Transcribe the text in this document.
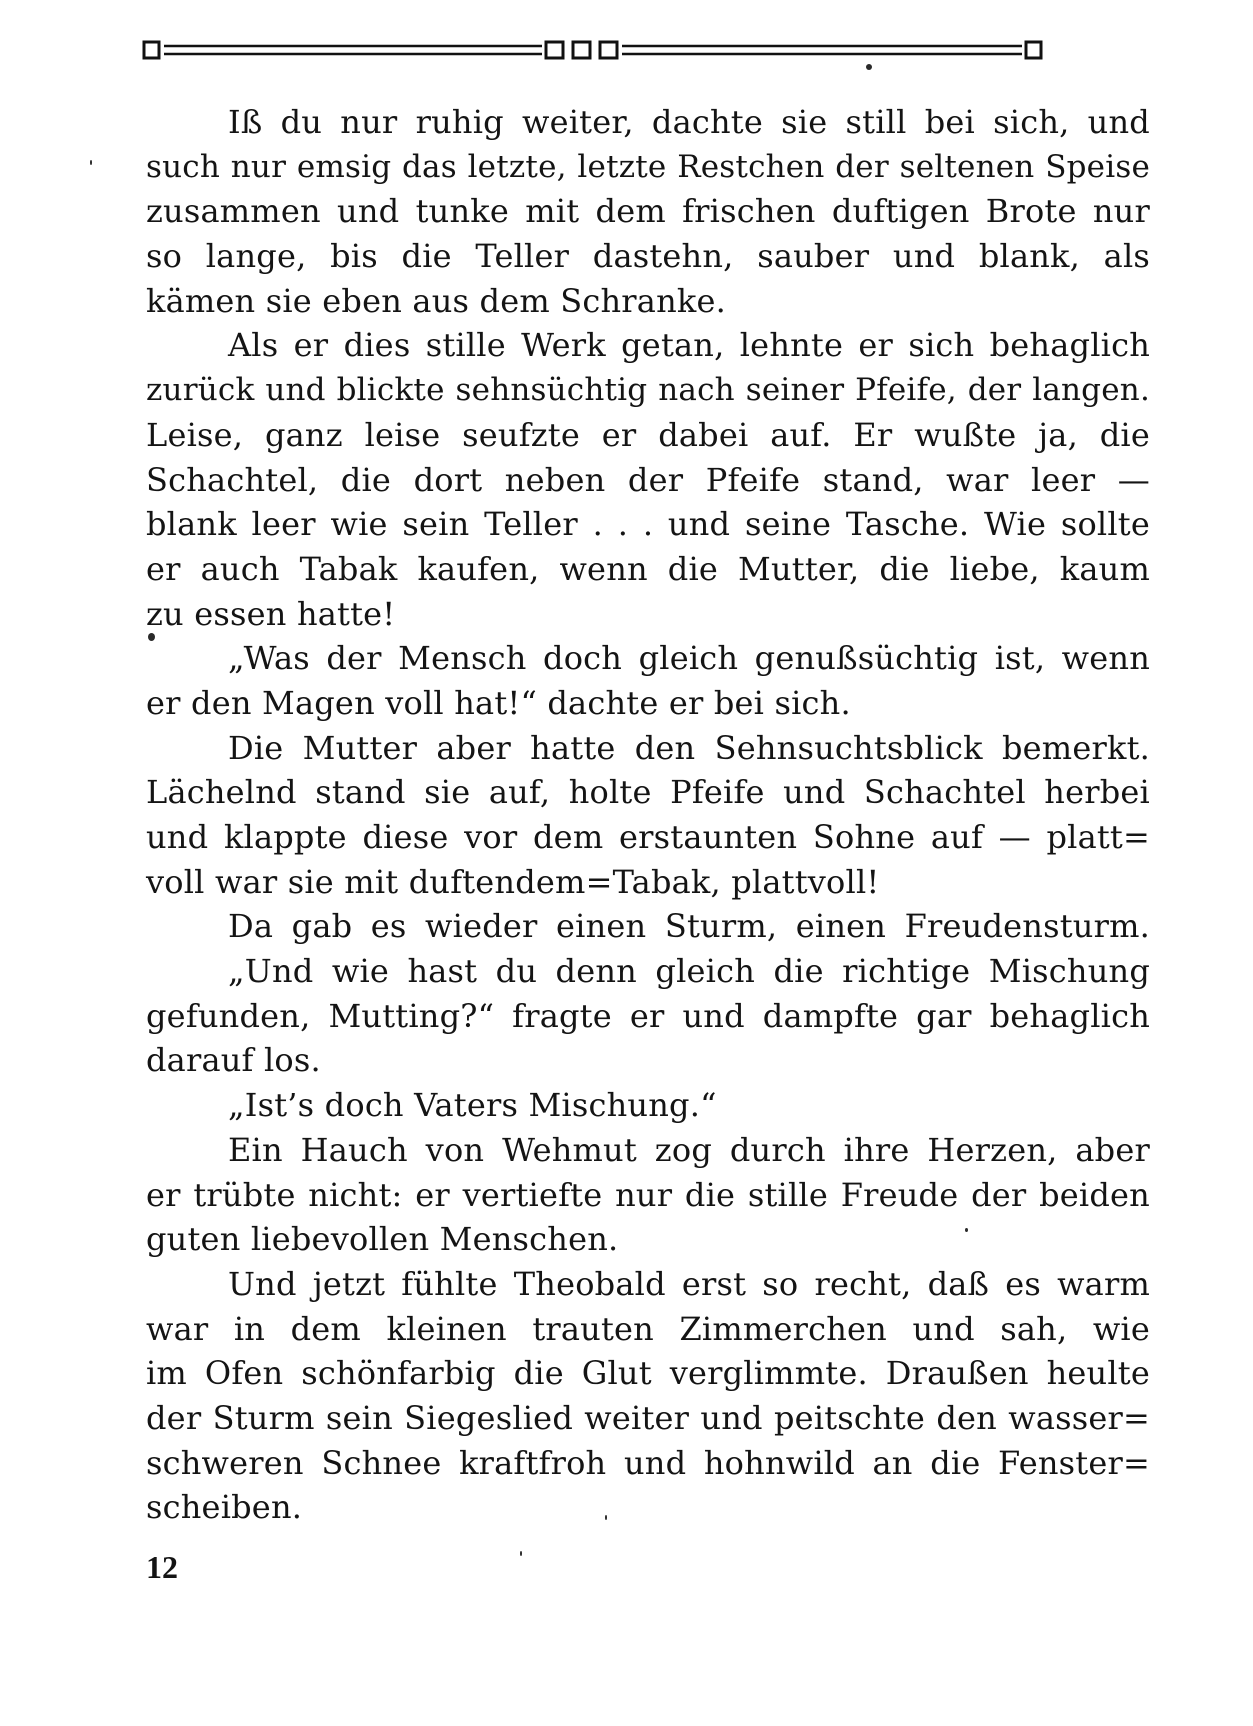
Iß du nur ruhig weiter, dachte sie still bei sich, und
such nur emsig das letzte, letzte Restchen der seltenen Speise
zusammen und tunke mit dem frischen duftigen Brote nur
so lange, bis die Teller dastehn, sauber und blank, als
kämen sie eben aus dem Schranke.
Als er dies stille Werk getan, lehnte er sich behaglich
zurück und blickte sehnsüchtig nach seiner Pfeife, der langen.
Leise, ganz leise seufzte er dabei auf. Er wußte ja, die
Schachtel, die dort neben der Pfeife stand, war leer —
blank leer wie sein Teller . . . und seine Tasche. Wie sollte
er auch Tabak kaufen, wenn die Mutter, die liebe, kaum
zu essen hatte!
„Was der Mensch doch gleich genußsüchtig ist, wenn
er den Magen voll hat!“ dachte er bei sich.
Die Mutter aber hatte den Sehnsuchtsblick bemerkt.
Lächelnd stand sie auf, holte Pfeife und Schachtel herbei
und klappte diese vor dem erstaunten Sohne auf — platt=
voll war sie mit duftendem=Tabak, plattvoll!
Da gab es wieder einen Sturm, einen Freudensturm.
„Und wie hast du denn gleich die richtige Mischung
gefunden, Mutting?“ fragte er und dampfte gar behaglich
darauf los.
„Ist’s doch Vaters Mischung.“
Ein Hauch von Wehmut zog durch ihre Herzen, aber
er trübte nicht: er vertiefte nur die stille Freude der beiden
guten liebevollen Menschen.
Und jetzt fühlte Theobald erst so recht, daß es warm
war in dem kleinen trauten Zimmerchen und sah, wie
im Ofen schönfarbig die Glut verglimmte. Draußen heulte
der Sturm sein Siegeslied weiter und peitschte den wasser=
schweren Schnee kraftfroh und hohnwild an die Fenster=
scheiben.
12
